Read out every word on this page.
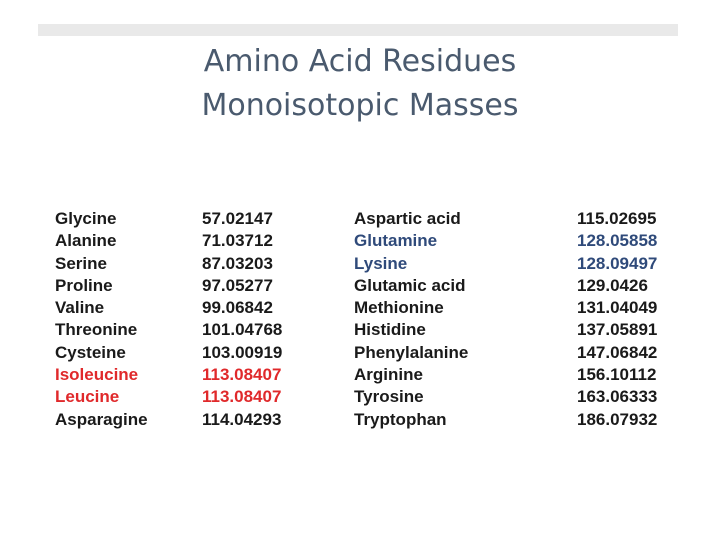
Amino Acid Residues
Monoisotopic Masses
Glycine
Alanine
Serine
Proline
Valine
Threonine
Cysteine
Isoleucine
Leucine
Asparagine
57.02147
71.03712
87.03203
97.05277
99.06842
101.04768
103.00919
113.08407
113.08407
114.04293
Aspartic acid
Glutamine
Lysine
Glutamic acid
Methionine
Histidine
Phenylalanine
Arginine
Tyrosine
Tryptophan
115.02695
128.05858
128.09497
129.0426
131.04049
137.05891
147.06842
156.10112
163.06333
186.07932
